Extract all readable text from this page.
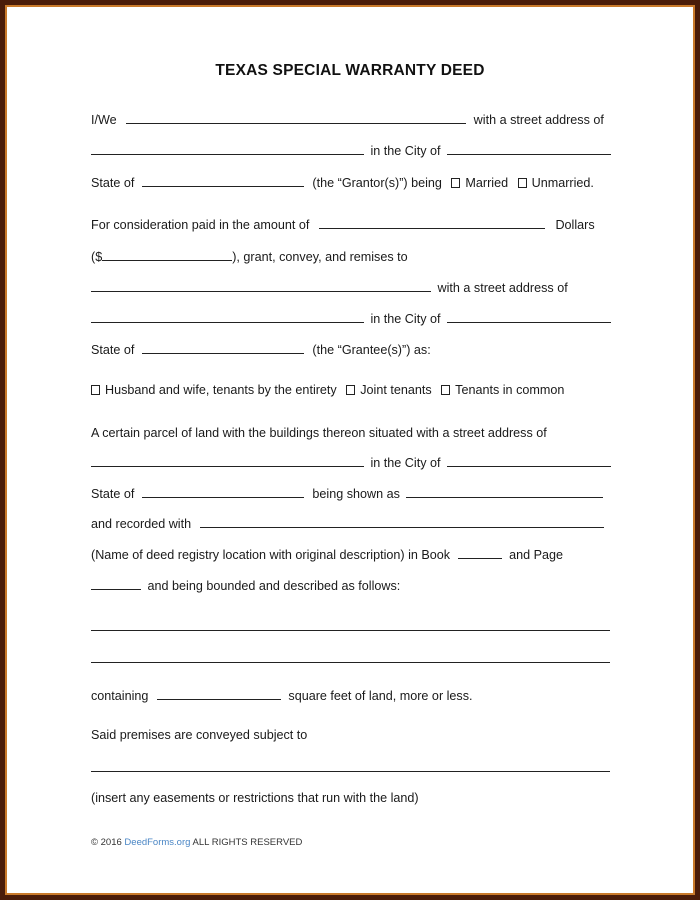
TEXAS SPECIAL WARRANTY DEED
I/We	with a street address of
in the City of
State of	(the “Grantor(s)”) being Married Unmarried.
For consideration paid in the amount of	Dollars
($	), grant, convey, and remises to
with a street address of
in the City of
State of	(the “Grantee(s)”) as:
Husband and wife, tenants by the entirety Joint tenants Tenants in common
A certain parcel of land with the buildings thereon situated with a street address of
in the City of
State of	being shown as
and recorded with
(Name of deed registry location with original description) in Book	and Page
and being bounded and described as follows:
containing	square feet of land, more or less.
Said premises are conveyed subject to
(insert any easements or restrictions that run with the land)
© 2016 DeedForms.org ALL RIGHTS RESERVED
